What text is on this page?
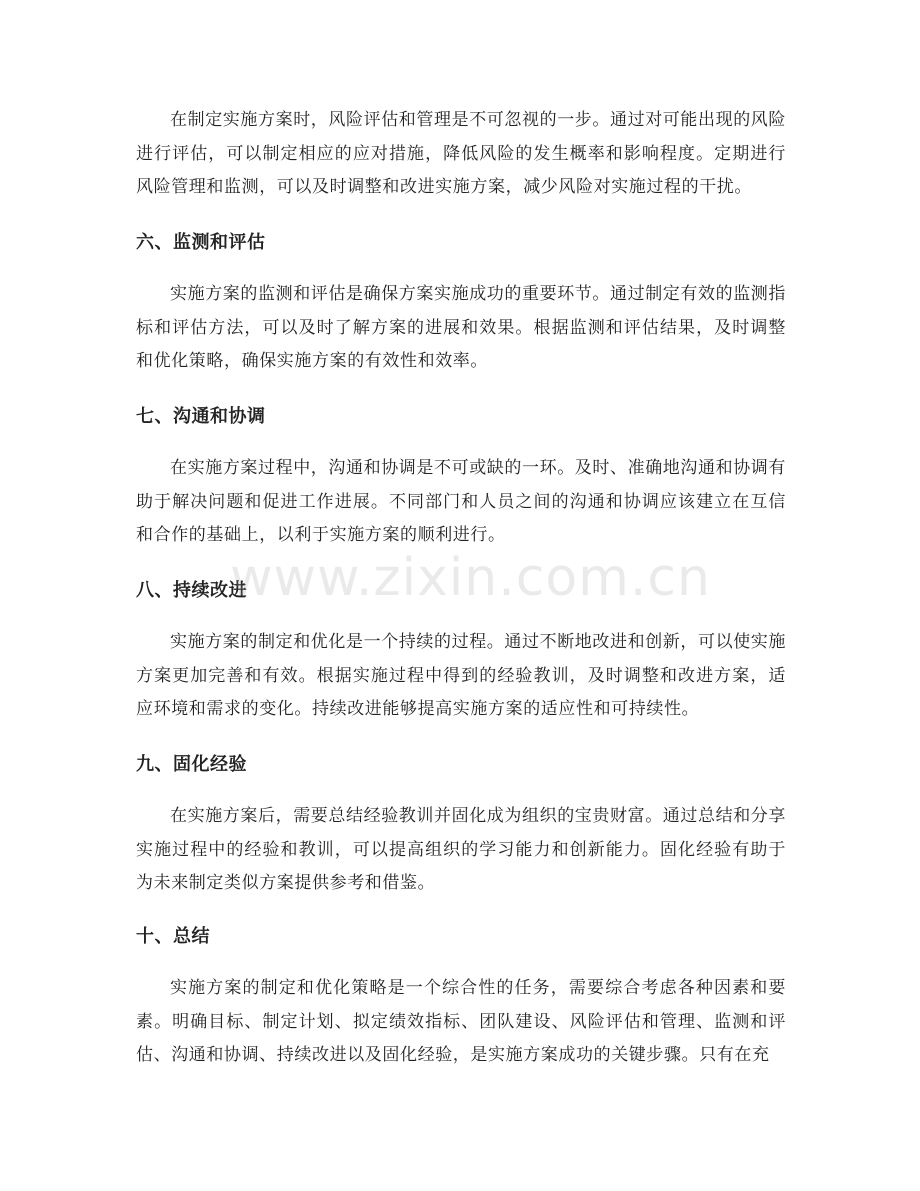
在制定实施方案时，风险评估和管理是不可忽视的一步。通过对可能出现的风险进行评估，可以制定相应的应对措施，降低风险的发生概率和影响程度。定期进行风险管理和监测，可以及时调整和改进实施方案，减少风险对实施过程的干扰。

六、监测和评估

实施方案的监测和评估是确保方案实施成功的重要环节。通过制定有效的监测指标和评估方法，可以及时了解方案的进展和效果。根据监测和评估结果，及时调整和优化策略，确保实施方案的有效性和效率。

七、沟通和协调

在实施方案过程中，沟通和协调是不可或缺的一环。及时、准确地沟通和协调有助于解决问题和促进工作进展。不同部门和人员之间的沟通和协调应该建立在互信和合作的基础上，以利于实施方案的顺利进行。

八、持续改进

实施方案的制定和优化是一个持续的过程。通过不断地改进和创新，可以使实施方案更加完善和有效。根据实施过程中得到的经验教训，及时调整和改进方案，适应环境和需求的变化。持续改进能够提高实施方案的适应性和可持续性。

九、固化经验

在实施方案后，需要总结经验教训并固化成为组织的宝贵财富。通过总结和分享实施过程中的经验和教训，可以提高组织的学习能力和创新能力。固化经验有助于为未来制定类似方案提供参考和借鉴。

十、总结

实施方案的制定和优化策略是一个综合性的任务，需要综合考虑各种因素和要素。明确目标、制定计划、拟定绩效指标、团队建设、风险评估和管理、监测和评估、沟通和协调、持续改进以及固化经验，是实施方案成功的关键步骤。只有在充

www.zixin.com.cn
